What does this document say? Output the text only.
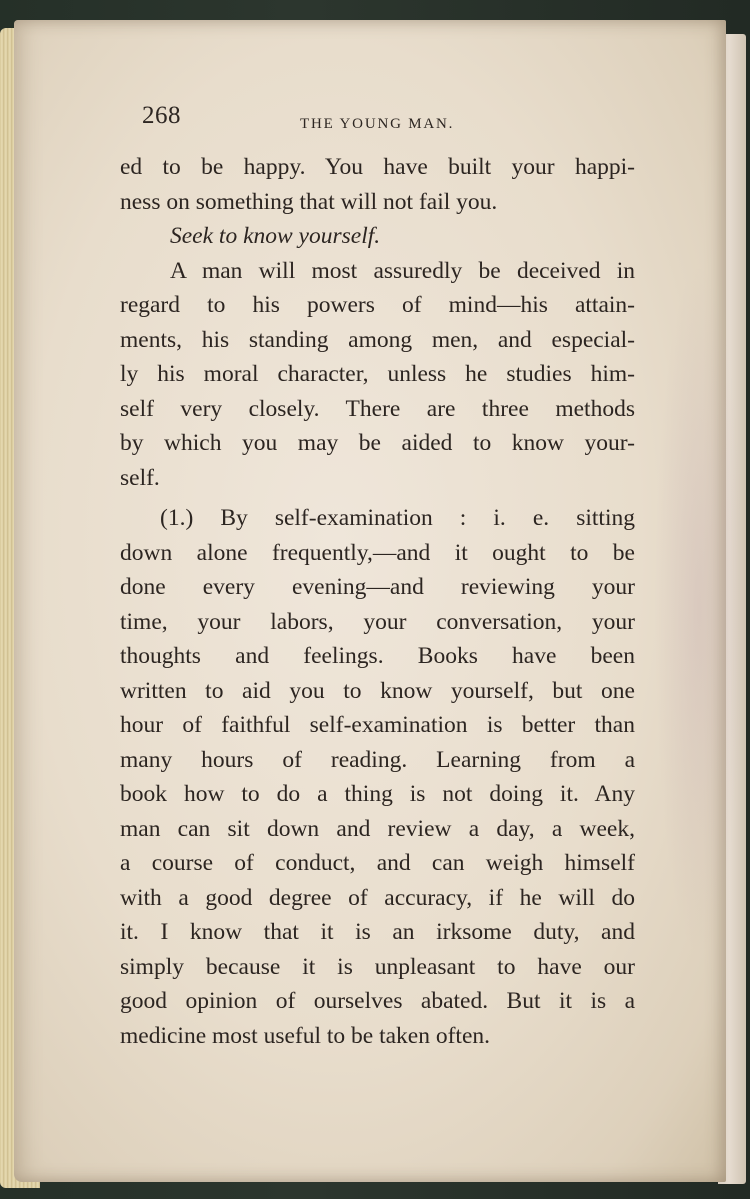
268	THE YOUNG MAN.
ed to be happy. You have built your happi-
ness on something that will not fail you.
Seek to know yourself.
A man will most assuredly be deceived in
regard to his powers of mind—his attain-
ments, his standing among men, and especial-
ly his moral character, unless he studies him-
self very closely. There are three methods
by which you may be aided to know your-
self.
(1.) By self-examination : i. e. sitting
down alone frequently,—and it ought to be
done every evening—and reviewing your
time, your labors, your conversation, your
thoughts and feelings. Books have been
written to aid you to know yourself, but one
hour of faithful self-examination is better than
many hours of reading. Learning from a
book how to do a thing is not doing it. Any
man can sit down and review a day, a week,
a course of conduct, and can weigh himself
with a good degree of accuracy, if he will do
it. I know that it is an irksome duty, and
simply because it is unpleasant to have our
good opinion of ourselves abated. But it is a
medicine most useful to be taken often.
